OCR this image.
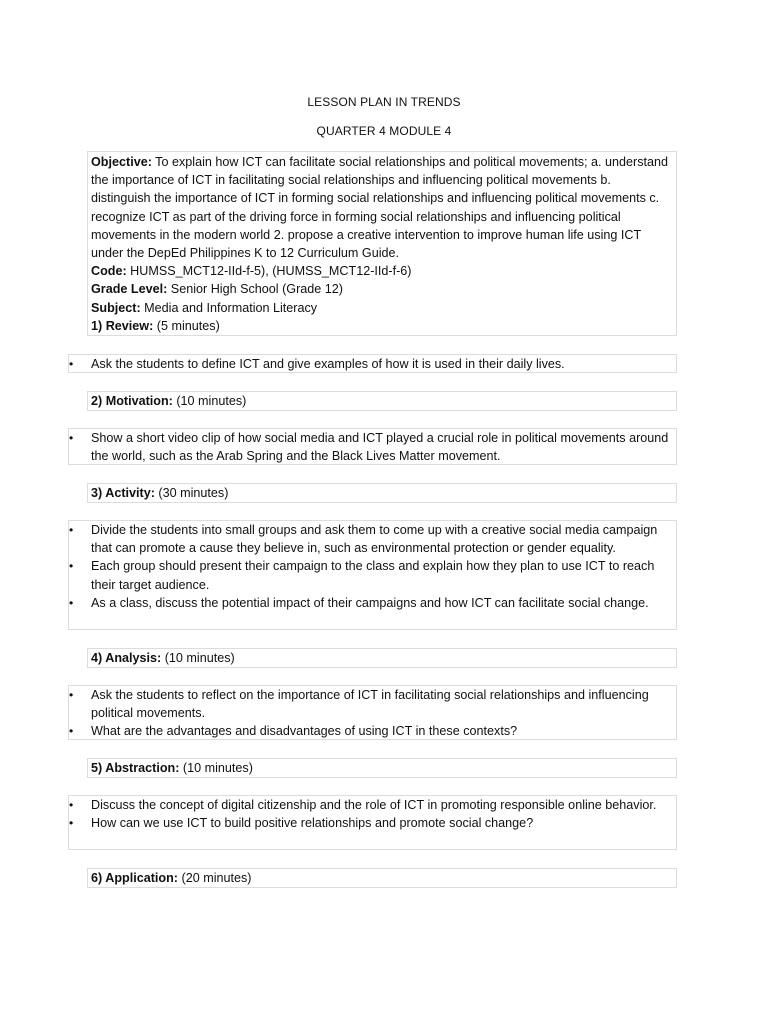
LESSON PLAN IN TRENDS
QUARTER 4 MODULE 4

Objective: To explain how ICT can facilitate social relationships and political movements; a. understand the importance of ICT in facilitating social relationships and influencing political movements b. distinguish the importance of ICT in forming social relationships and influencing political movements c. recognize ICT as part of the driving force in forming social relationships and influencing political movements in the modern world 2. propose a creative intervention to improve human life using ICT under the DepEd Philippines K to 12 Curriculum Guide.

Code: HUMSS_MCT12-IId-f-5), (HUMSS_MCT12-IId-f-6)

Grade Level: Senior High School (Grade 12)

Subject: Media and Information Literacy

1) Review: (5 minutes)

• Ask the students to define ICT and give examples of how it is used in their daily lives.
2) Motivation: (10 minutes)
• Show a short video clip of how social media and ICT played a crucial role in political movements around the world, such as the Arab Spring and the Black Lives Matter movement.
3) Activity: (30 minutes)
• Divide the students into small groups and ask them to come up with a creative social media campaign that can promote a cause they believe in, such as environmental protection or gender equality.
• Each group should present their campaign to the class and explain how they plan to use ICT to reach their target audience.
• As a class, discuss the potential impact of their campaigns and how ICT can facilitate social change.
4) Analysis: (10 minutes)
• Ask the students to reflect on the importance of ICT in facilitating social relationships and influencing political movements.
• What are the advantages and disadvantages of using ICT in these contexts?
5) Abstraction: (10 minutes)
• Discuss the concept of digital citizenship and the role of ICT in promoting responsible online behavior.
• How can we use ICT to build positive relationships and promote social change?
6) Application: (20 minutes)
